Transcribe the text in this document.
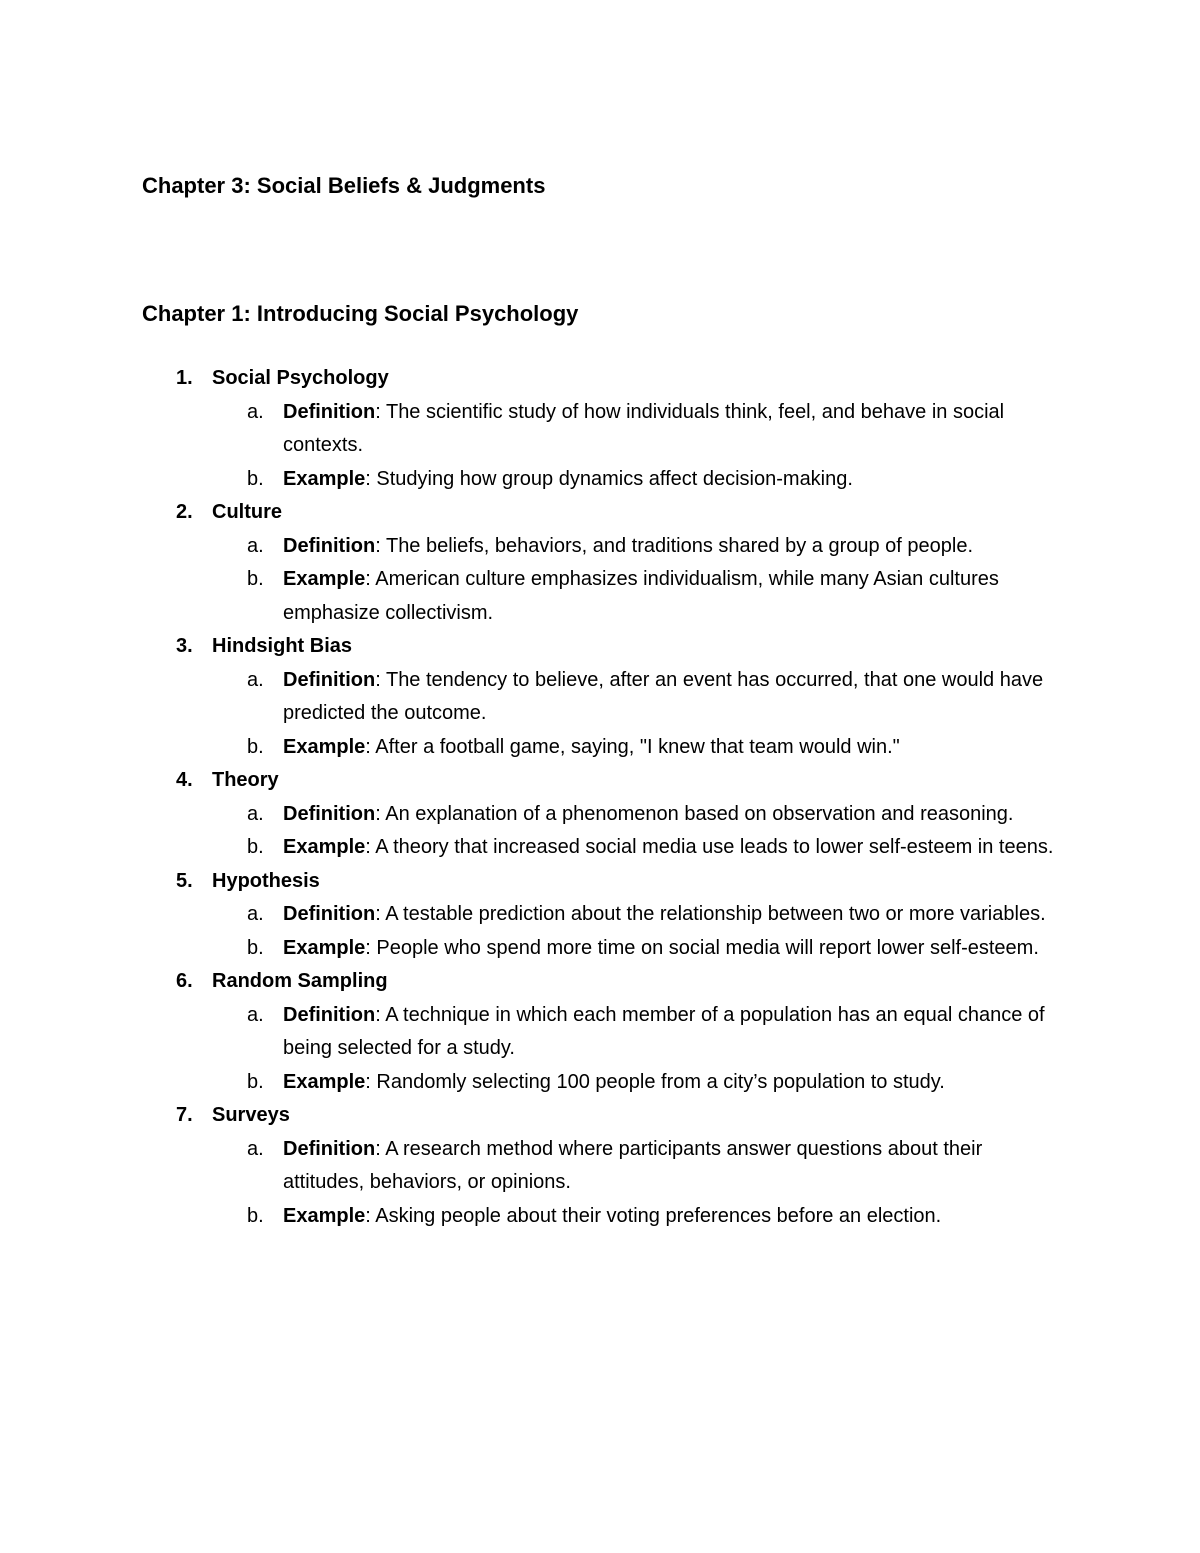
Chapter 3: Social Beliefs & Judgments
Chapter 1: Introducing Social Psychology
1. Social Psychology
a. Definition: The scientific study of how individuals think, feel, and behave in social contexts.
b. Example: Studying how group dynamics affect decision-making.
2. Culture
a. Definition: The beliefs, behaviors, and traditions shared by a group of people.
b. Example: American culture emphasizes individualism, while many Asian cultures emphasize collectivism.
3. Hindsight Bias
a. Definition: The tendency to believe, after an event has occurred, that one would have predicted the outcome.
b. Example: After a football game, saying, "I knew that team would win."
4. Theory
a. Definition: An explanation of a phenomenon based on observation and reasoning.
b. Example: A theory that increased social media use leads to lower self-esteem in teens.
5. Hypothesis
a. Definition: A testable prediction about the relationship between two or more variables.
b. Example: People who spend more time on social media will report lower self-esteem.
6. Random Sampling
a. Definition: A technique in which each member of a population has an equal chance of being selected for a study.
b. Example: Randomly selecting 100 people from a city’s population to study.
7. Surveys
a. Definition: A research method where participants answer questions about their attitudes, behaviors, or opinions.
b. Example: Asking people about their voting preferences before an election.
